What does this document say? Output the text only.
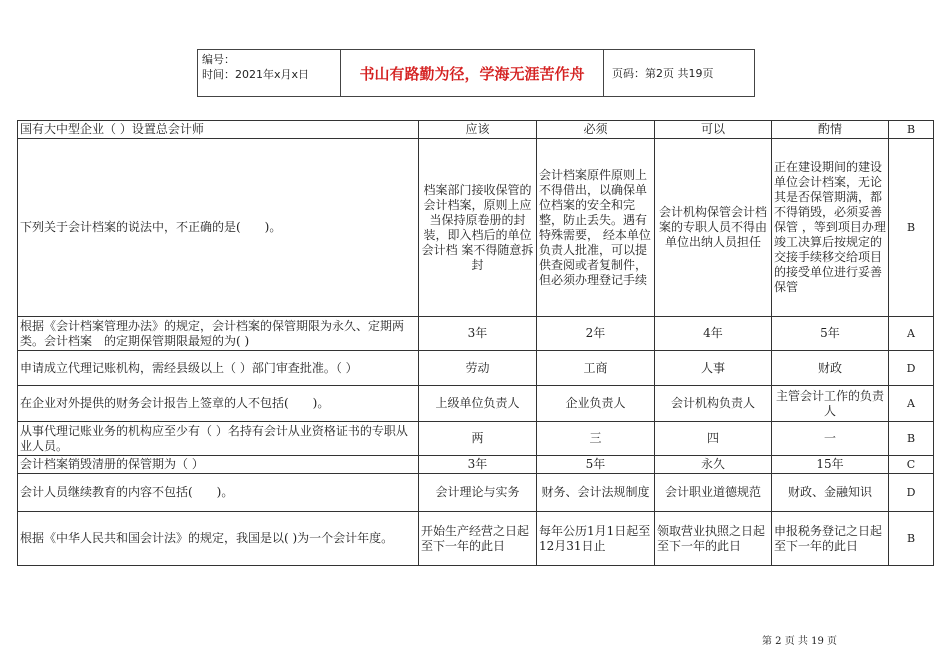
编号：
时间：2021年x月x日	书山有路勤为径，学海无涯苦作舟	页码：第2页 共19页
国有大中型企业（ ）设置总会计师	应该	必须	可以	酌情	B
下列关于会计档案的说法中，不正确的是(　　)。	档案部门接收保管的会计档案，原则上应当保持原卷册的封装，即入档后的单位会计档 案不得随意拆封	会计档案原件原则上不得借出，以确保单位档案的安全和完整，防止丢失。遇有特殊需要， 经本单位负责人批准，可以提供查阅或者复制件，但必须办理登记手续	会计机构保管会计档案的专职人员不得由单位出纳人员担任	正在建设期间的建设单位会计档案，无论其是否保管期满，都不得销毁，必须妥善保管 ，等到项目办理竣工决算后按规定的交接手续移交给项目的接受单位进行妥善保管	B
根据《会计档案管理办法》的规定，会计档案的保管期限为永久、定期两类。会计档案　的定期保管期限最短的为( )	3年	2年	4年	5年	A
申请成立代理记账机构，需经县级以上（ ）部门审查批准。（ ）	劳动	工商	人事	财政	D
在企业对外提供的财务会计报告上签章的人不包括(　　)。	上级单位负责人	企业负责人	会计机构负责人	主管会计工作的负责人	A
从事代理记账业务的机构应至少有（ ）名持有会计从业资格证书的专职从业人员。	两	三	四	一	B
会计档案销毁清册的保管期为（ ）	3年	5年	永久	15年	C
会计人员继续教育的内容不包括(　　)。	会计理论与实务	财务、会计法规制度	会计职业道德规范	财政、金融知识	D
根据《中华人民共和国会计法》的规定，我国是以( )为一个会计年度。	开始生产经营之日起至下一年的此日	每年公历1月1日起至12月31日止	领取营业执照之日起至下一年的此日	申报税务登记之日起至下一年的此日	B
第 2 页 共 19 页
